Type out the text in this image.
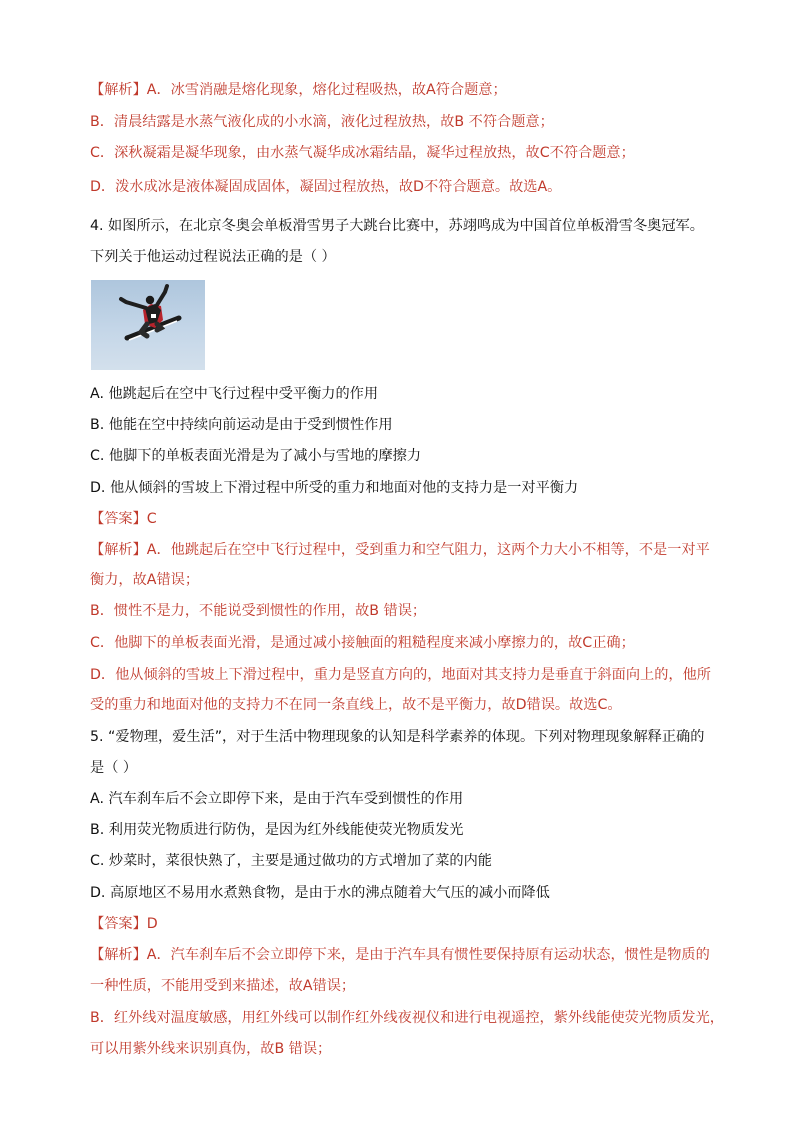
【解析】A．冰雪消融是熔化现象，熔化过程吸热，故A符合题意；
B．清晨结露是水蒸气液化成的小水滴，液化过程放热，故B 不符合题意；
C．深秋凝霜是凝华现象，由水蒸气凝华成冰霜结晶，凝华过程放热，故C不符合题意；
D．泼水成冰是液体凝固成固体，凝固过程放热，故D不符合题意。故选A。
4. 如图所示，在北京冬奥会单板滑雪男子大跳台比赛中，苏翊鸣成为中国首位单板滑雪冬奥冠军。
下列关于他运动过程说法正确的是（ ）
A. 他跳起后在空中飞行过程中受平衡力的作用
B. 他能在空中持续向前运动是由于受到惯性作用
C. 他脚下的单板表面光滑是为了减小与雪地的摩擦力
D. 他从倾斜的雪坡上下滑过程中所受的重力和地面对他的支持力是一对平衡力
【答案】C
【解析】A．他跳起后在空中飞行过程中，受到重力和空气阻力，这两个力大小不相等，不是一对平
衡力，故A错误；
B．惯性不是力，不能说受到惯性的作用，故B 错误；
C．他脚下的单板表面光滑，是通过减小接触面的粗糙程度来减小摩擦力的，故C正确；
D．他从倾斜的雪坡上下滑过程中，重力是竖直方向的，地面对其支持力是垂直于斜面向上的，他所
受的重力和地面对他的支持力不在同一条直线上，故不是平衡力，故D错误。故选C。
5. “爱物理，爱生活”，对于生活中物理现象的认知是科学素养的体现。下列对物理现象解释正确的
是（ ）
A. 汽车刹车后不会立即停下来，是由于汽车受到惯性的作用
B. 利用荧光物质进行防伪，是因为红外线能使荧光物质发光
C. 炒菜时，菜很快熟了，主要是通过做功的方式增加了菜的内能
D. 高原地区不易用水煮熟食物，是由于水的沸点随着大气压的减小而降低
【答案】D
【解析】A．汽车刹车后不会立即停下来，是由于汽车具有惯性要保持原有运动状态，惯性是物质的
一种性质，不能用受到来描述，故A错误；
B．红外线对温度敏感，用红外线可以制作红外线夜视仪和进行电视遥控，紫外线能使荧光物质发光，
可以用紫外线来识别真伪，故B 错误；
